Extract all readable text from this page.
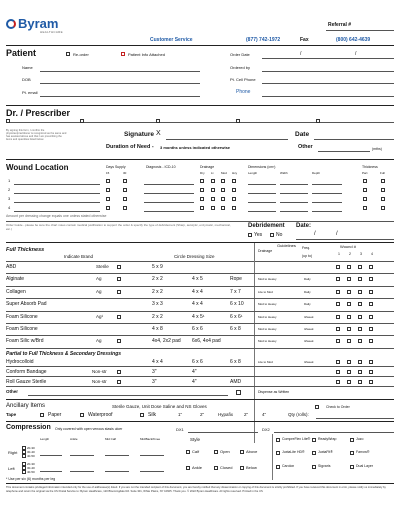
Byram
HEALTHCARE
Referral #
Customer Service	(877) 742-1972	Fax	(800) 642-4639
Patient	Re-order	Patient Info Attached	Order Date	/	/
Name	Ordered by
DOB	Pt. Cell Phone
Pt. email	Phone
Dr. / Prescriber
By signing this form, I confirm the physician/practitioner is recognized as the same and has assisted above and that I am prescribing the items and quantities listed below.
Signature X	Date
Duration of Need - 3 months unless indicated otherwise	Other	(mths)
Wound Location	Days Supply
15	30
Diagnosis - ICD-10	Drainage
Dry Lt Mod Hvy
Dimensions (cm³)
Length	Width	Depth
Thickness
Part	Full
1
2
3
4
Amount per dressing change equals one unless stated otherwise
Order Guide - please be sure the chart notes contain medical justification to support the order & specify the type of debridement (Sharp, autolytic, enzymatic, mechanical, etc.)	Debridement Date:
Yes	No	/	/
Full Thickness
Indicate Brand	Circle Dressing Size
Guidelines
Drainage
Freq.
(up to)
Wound #
1	2	3	4
ABD	Sterile	5 x 9
Alginate	Ag	2 x 2	4 x 5	Rope	Mod to Heavy	Daily
Collagen	Ag	2 x 2	4 x 4	7 x 7	Lite to Mod	Daily
Super Absorb Pad	3 x 3	4 x 4	6 x 10	Mod to Heavy	Daily
Foam Silicone	Ag¹	2 x 2	4 x 5¹	6 x 6¹	Mod to Heavy	3/week
Foam Silicone	4 x 8	6 x 6	6 x 8	Mod to Heavy	3/week
Foam Silic w/Brd	Ag	4x4, 2x2 pad 6x6, 4x4 pad	Mod to Heavy	3/week
Partial to Full Thickness & Secondary Dressings
Hydrocolloid	4 x 4	6 x 6	6 x 8	Lite to Mod	3/week
Conform Bandage	Non-str	3"	4"
Roll Gauze Sterile	Non-str	3"	4"	AMD
Other	Dispense as Written
Ancillary Items	Sterile Gauze, Unit Dose Saline and NS Gloves	Check to Order
Tape	Paper	Waterproof	Silk	1"	2"	Hypafix 2"	4"	Qty (rolls):
Compression Only covered with open venous stasis ulcer	DX1	DX2
Length	Ankle	Mid Calf	Mid/Back/Knee	Style
Right
Left
20-30
30-40
40-50
20-30
30-40
40-50
Calf	Open	Above
Ankle	Closed	Below
CompreFlex Lite® ReadyWrap	Juzo
JuxtaLite HD®	JuxtaFit®	Farrow®
Carolon	Sigvaris	Dual Layer
* Use per six (6) months per leg
This document contains privileged information intended only for the use of addressee(s) listed. If you are not the intended recipient of this document, you are hereby notified that any dissemination or copying of this document is strictly prohibited. If you have received this document in error, please notify us immediately by telephone and return the original via the US Postal Service to: Byram Healthcare, 120 Bloomingdale Rd. Suite 301, White Plains, NY 10605. Thank you. © 2022 Byram Healthcare. All rights reserved. Printed in the US
